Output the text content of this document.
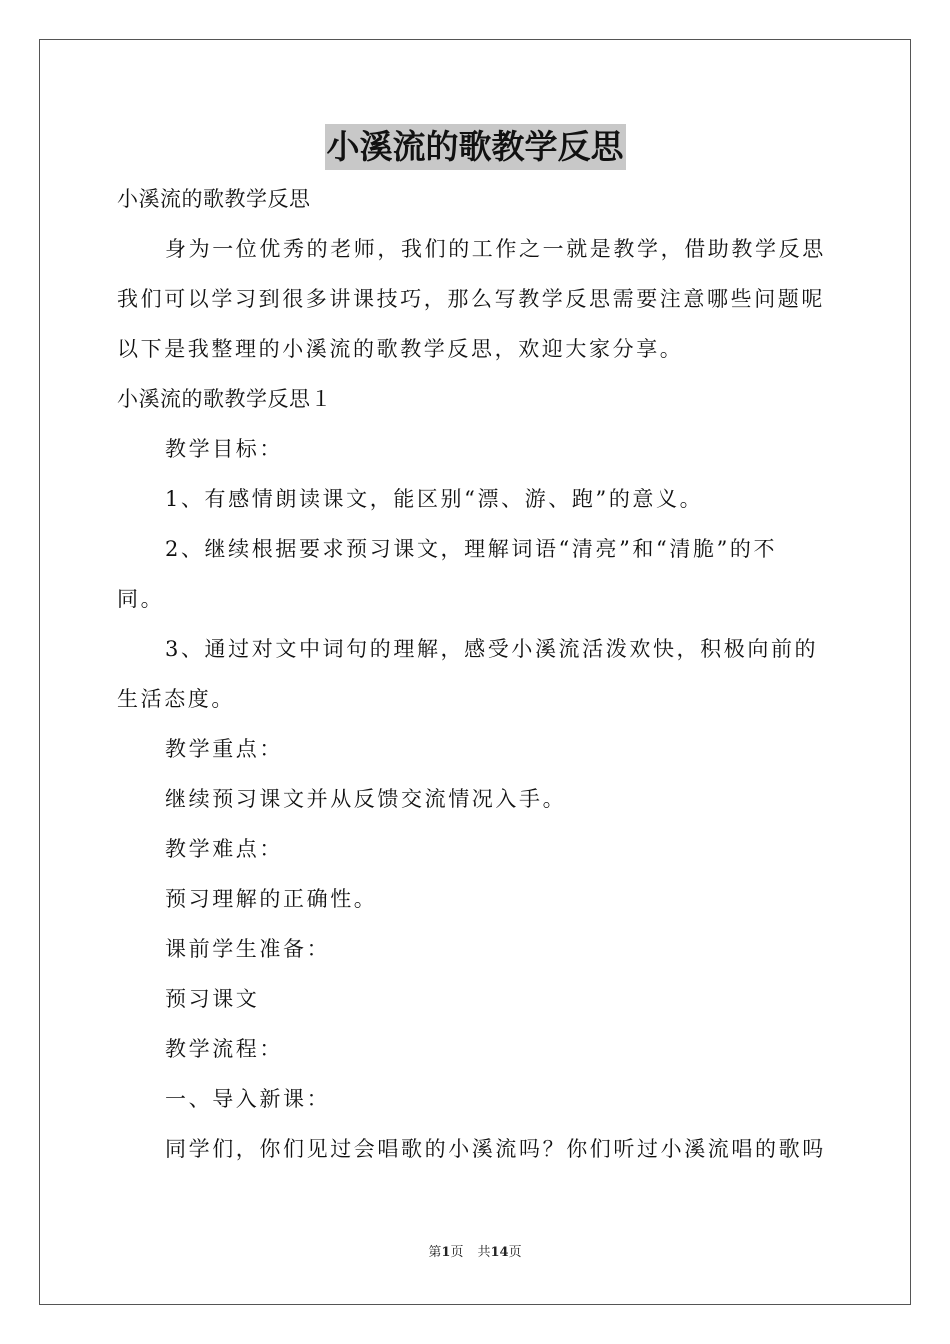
小溪流的歌教学反思
小溪流的歌教学反思
身为一位优秀的老师，我们的工作之一就是教学，借助教学反思
我们可以学习到很多讲课技巧，那么写教学反思需要注意哪些问题呢
以下是我整理的小溪流的歌教学反思，欢迎大家分享。
小溪流的歌教学反思１
教学目标：
1、有感情朗读课文，能区别“漂、游、跑”的意义。
2、继续根据要求预习课文，理解词语“清亮”和“清脆”的不
同。
3、通过对文中词句的理解，感受小溪流活泼欢快，积极向前的
生活态度。
教学重点：
继续预习课文并从反馈交流情况入手。
教学难点：
预习理解的正确性。
课前学生准备：
预习课文
教学流程：
一、导入新课：
同学们，你们见过会唱歌的小溪流吗？你们听过小溪流唱的歌吗
第1页 共14页
